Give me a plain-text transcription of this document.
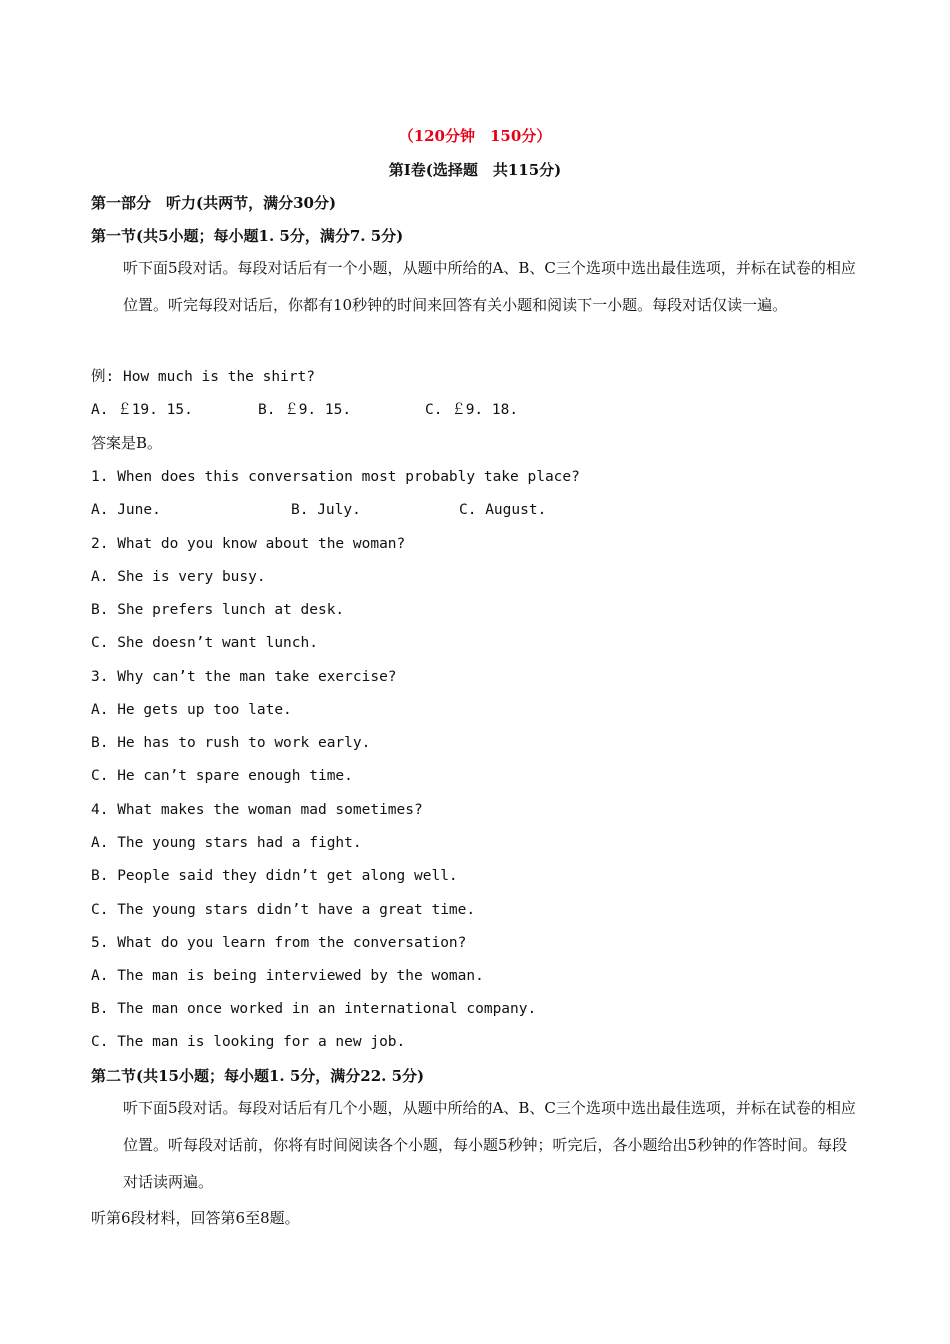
（120分钟　150分）
第Ⅰ卷(选择题　共115分)
第一部分　听力(共两节，满分30分)
第一节(共5小题；每小题1. 5分，满分7. 5分)
听下面5段对话。每段对话后有一个小题，从题中所给的A、B、C三个选项中选出最佳选项，并标在试卷的相应位置。听完每段对话后，你都有10秒钟的时间来回答有关小题和阅读下一小题。每段对话仅读一遍。
例: How much is the shirt?
A. ￡19. 15.	B. ￡9. 15.	C. ￡9. 18.
答案是B。
1. When does this conversation most probably take place?
A. June.	B. July.	C. August.
2. What do you know about the woman?
A. She is very busy.
B. She prefers lunch at desk.
C. She doesn’t want lunch.
3. Why can’t the man take exercise?
A. He gets up too late.
B. He has to rush to work early.
C. He can’t spare enough time.
4. What makes the woman mad sometimes?
A. The young stars had a fight.
B. People said they didn’t get along well.
C. The young stars didn’t have a great time.
5. What do you learn from the conversation?
A. The man is being interviewed by the woman.
B. The man once worked in an international company.
C. The man is looking for a new job.
第二节(共15小题；每小题1. 5分，满分22. 5分)
听下面5段对话。每段对话后有几个小题，从题中所给的A、B、C三个选项中选出最佳选项，并标在试卷的相应位置。听每段对话前，你将有时间阅读各个小题，每小题5秒钟；听完后，各小题给出5秒钟的作答时间。每段对话读两遍。
听第6段材料，回答第6至8题。
